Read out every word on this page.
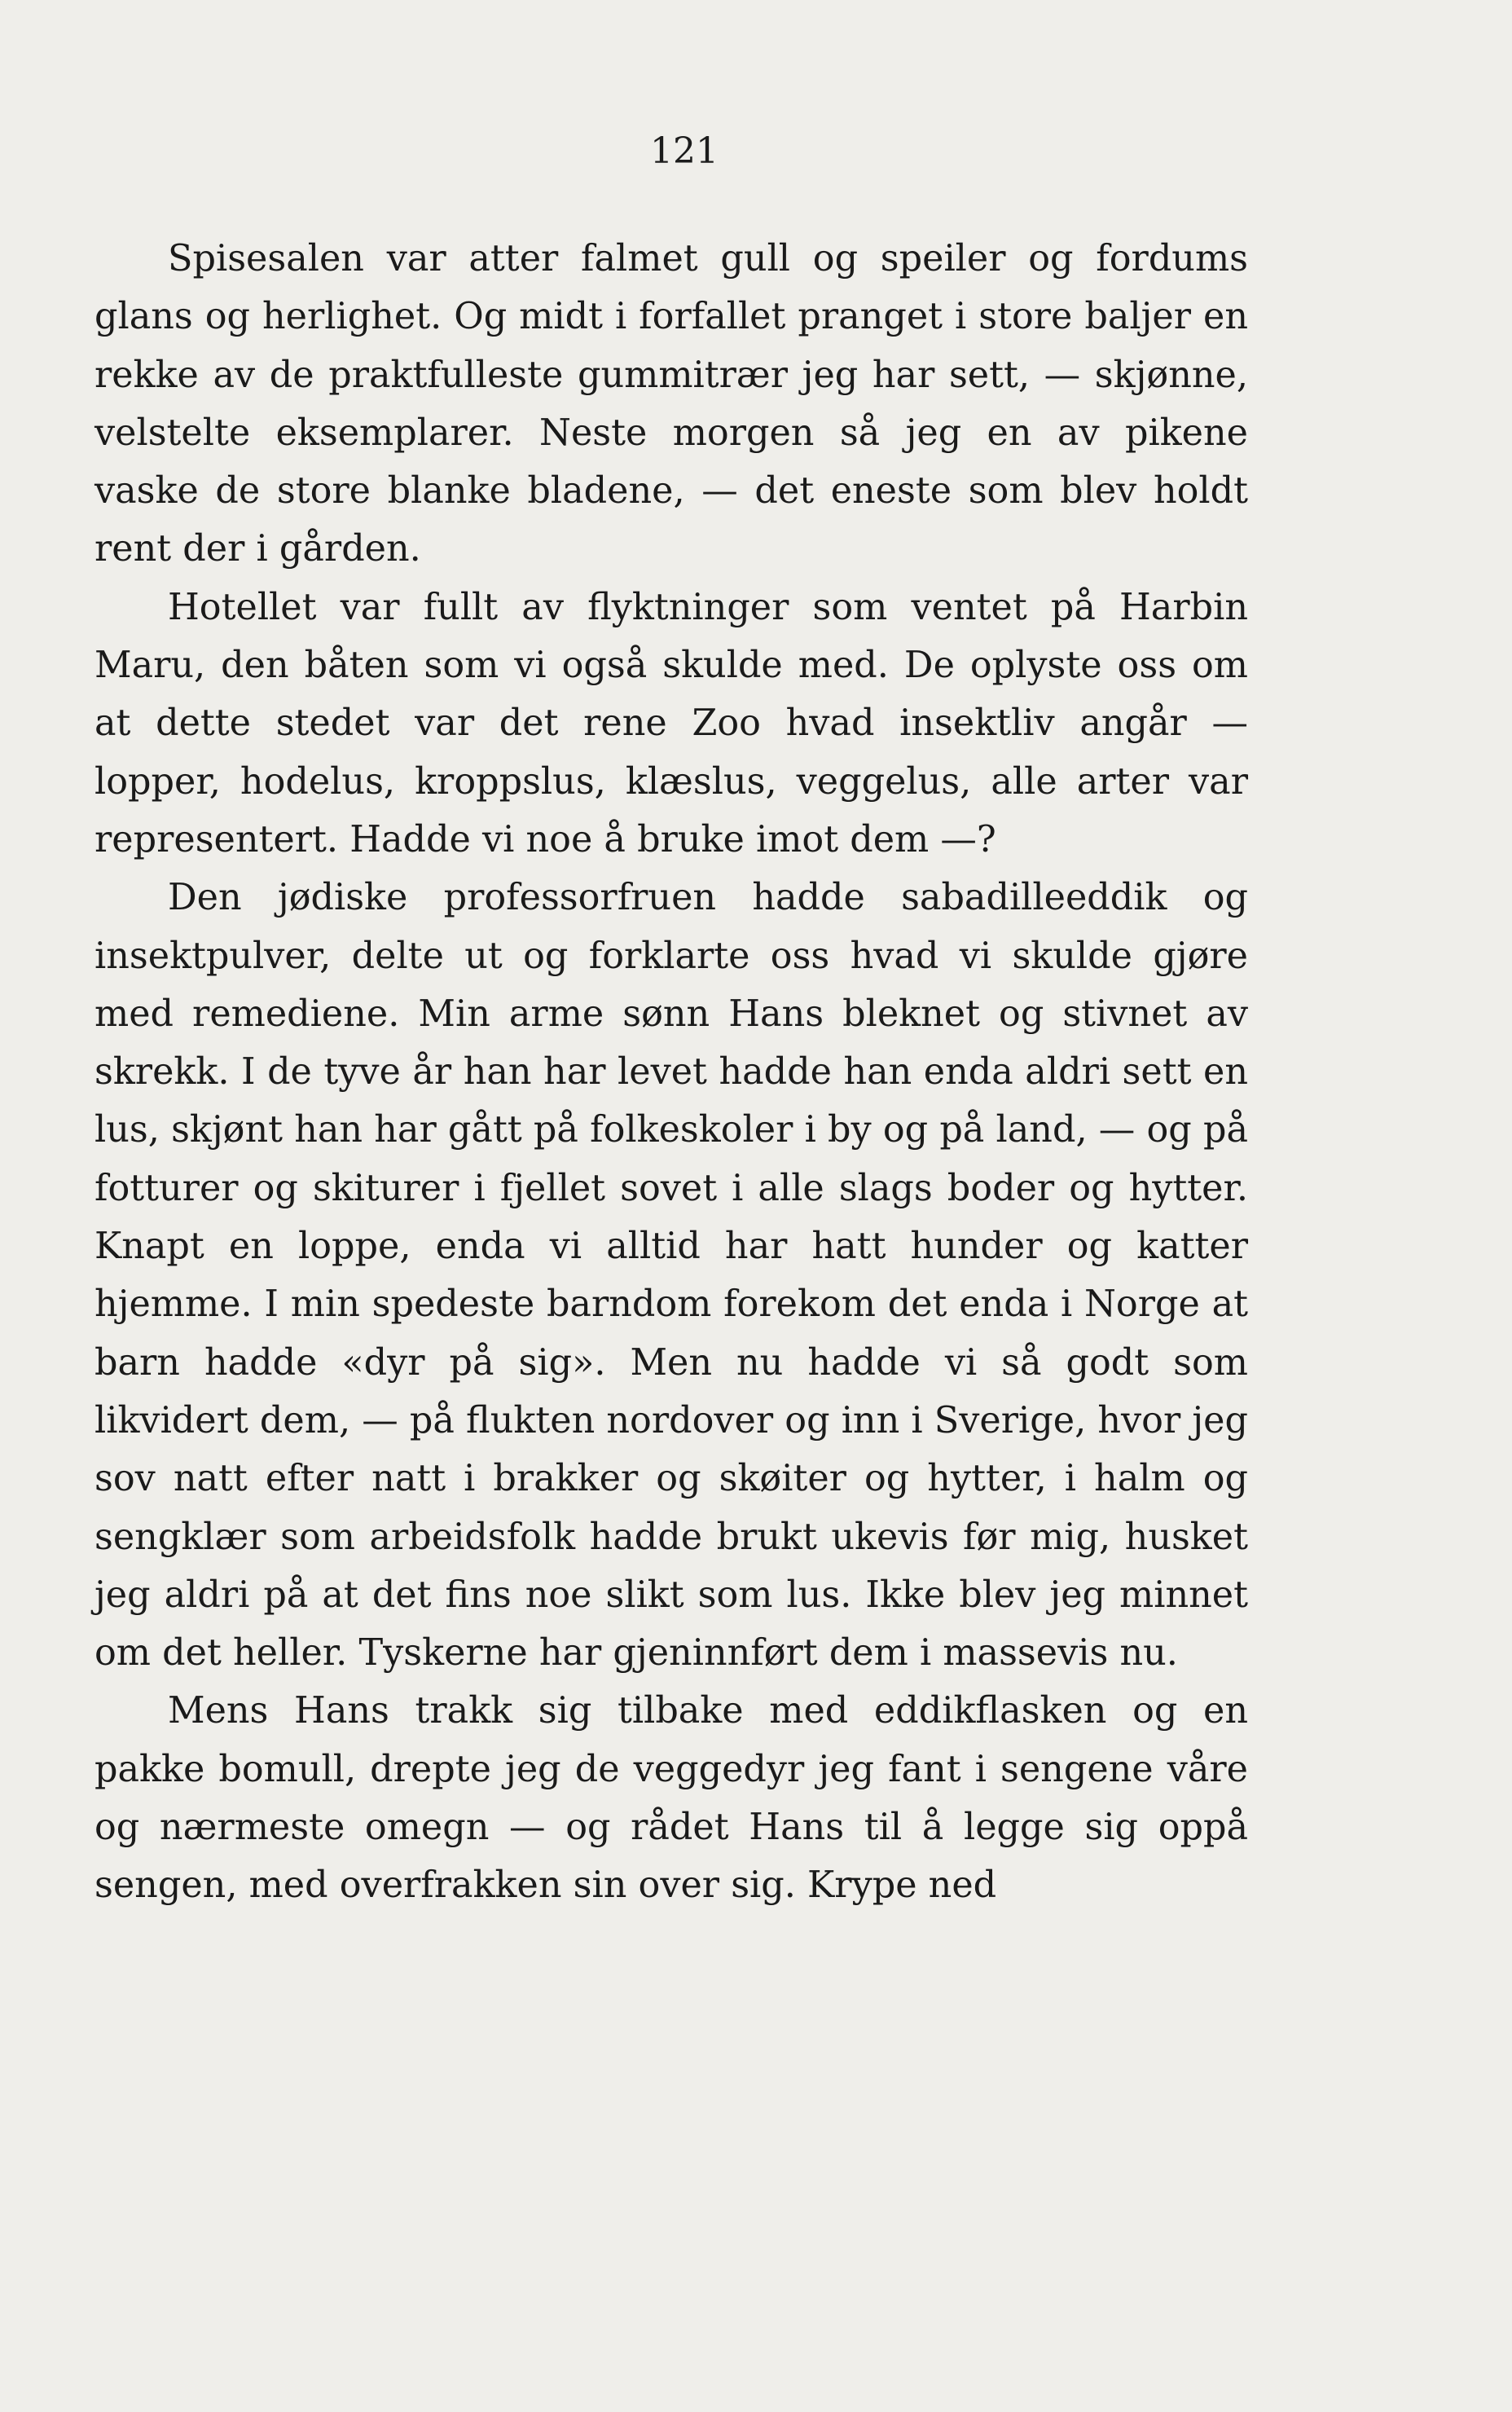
121

Spisesalen var atter falmet gull og speiler og fordums glans og herlighet. Og midt i forfallet pranget i store baljer en rekke av de praktfulleste gummitrær jeg har sett, — skjønne, velstelte eksemplarer. Neste morgen så jeg en av pikene vaske de store blanke bladene, — det eneste som blev holdt rent der i gården.

Hotellet var fullt av flyktninger som ventet på Harbin Maru, den båten som vi også skulde med. De oplyste oss om at dette stedet var det rene Zoo hvad insektliv angår — lopper, hodelus, kroppslus, klæslus, veggelus, alle arter var representert. Hadde vi noe å bruke imot dem —?

Den jødiske professorfruen hadde sabadilleeddik og insektpulver, delte ut og forklarte oss hvad vi skulde gjøre med remediene. Min arme sønn Hans bleknet og stivnet av skrekk. I de tyve år han har levet hadde han enda aldri sett en lus, skjønt han har gått på folkeskoler i by og på land, — og på fotturer og skiturer i fjellet sovet i alle slags boder og hytter. Knapt en loppe, enda vi alltid har hatt hunder og katter hjemme. I min spedeste barndom forekom det enda i Norge at barn hadde «dyr på sig». Men nu hadde vi så godt som likvidert dem, — på flukten nordover og inn i Sverige, hvor jeg sov natt efter natt i brakker og skøiter og hytter, i halm og sengklær som arbeidsfolk hadde brukt ukevis før mig, husket jeg aldri på at det fins noe slikt som lus. Ikke blev jeg minnet om det heller. Tyskerne har gjeninnført dem i massevis nu.

Mens Hans trakk sig tilbake med eddikflasken og en pakke bomull, drepte jeg de veggedyr jeg fant i sengene våre og nærmeste omegn — og rådet Hans til å legge sig oppå sengen, med overfrakken sin over sig. Krype ned
